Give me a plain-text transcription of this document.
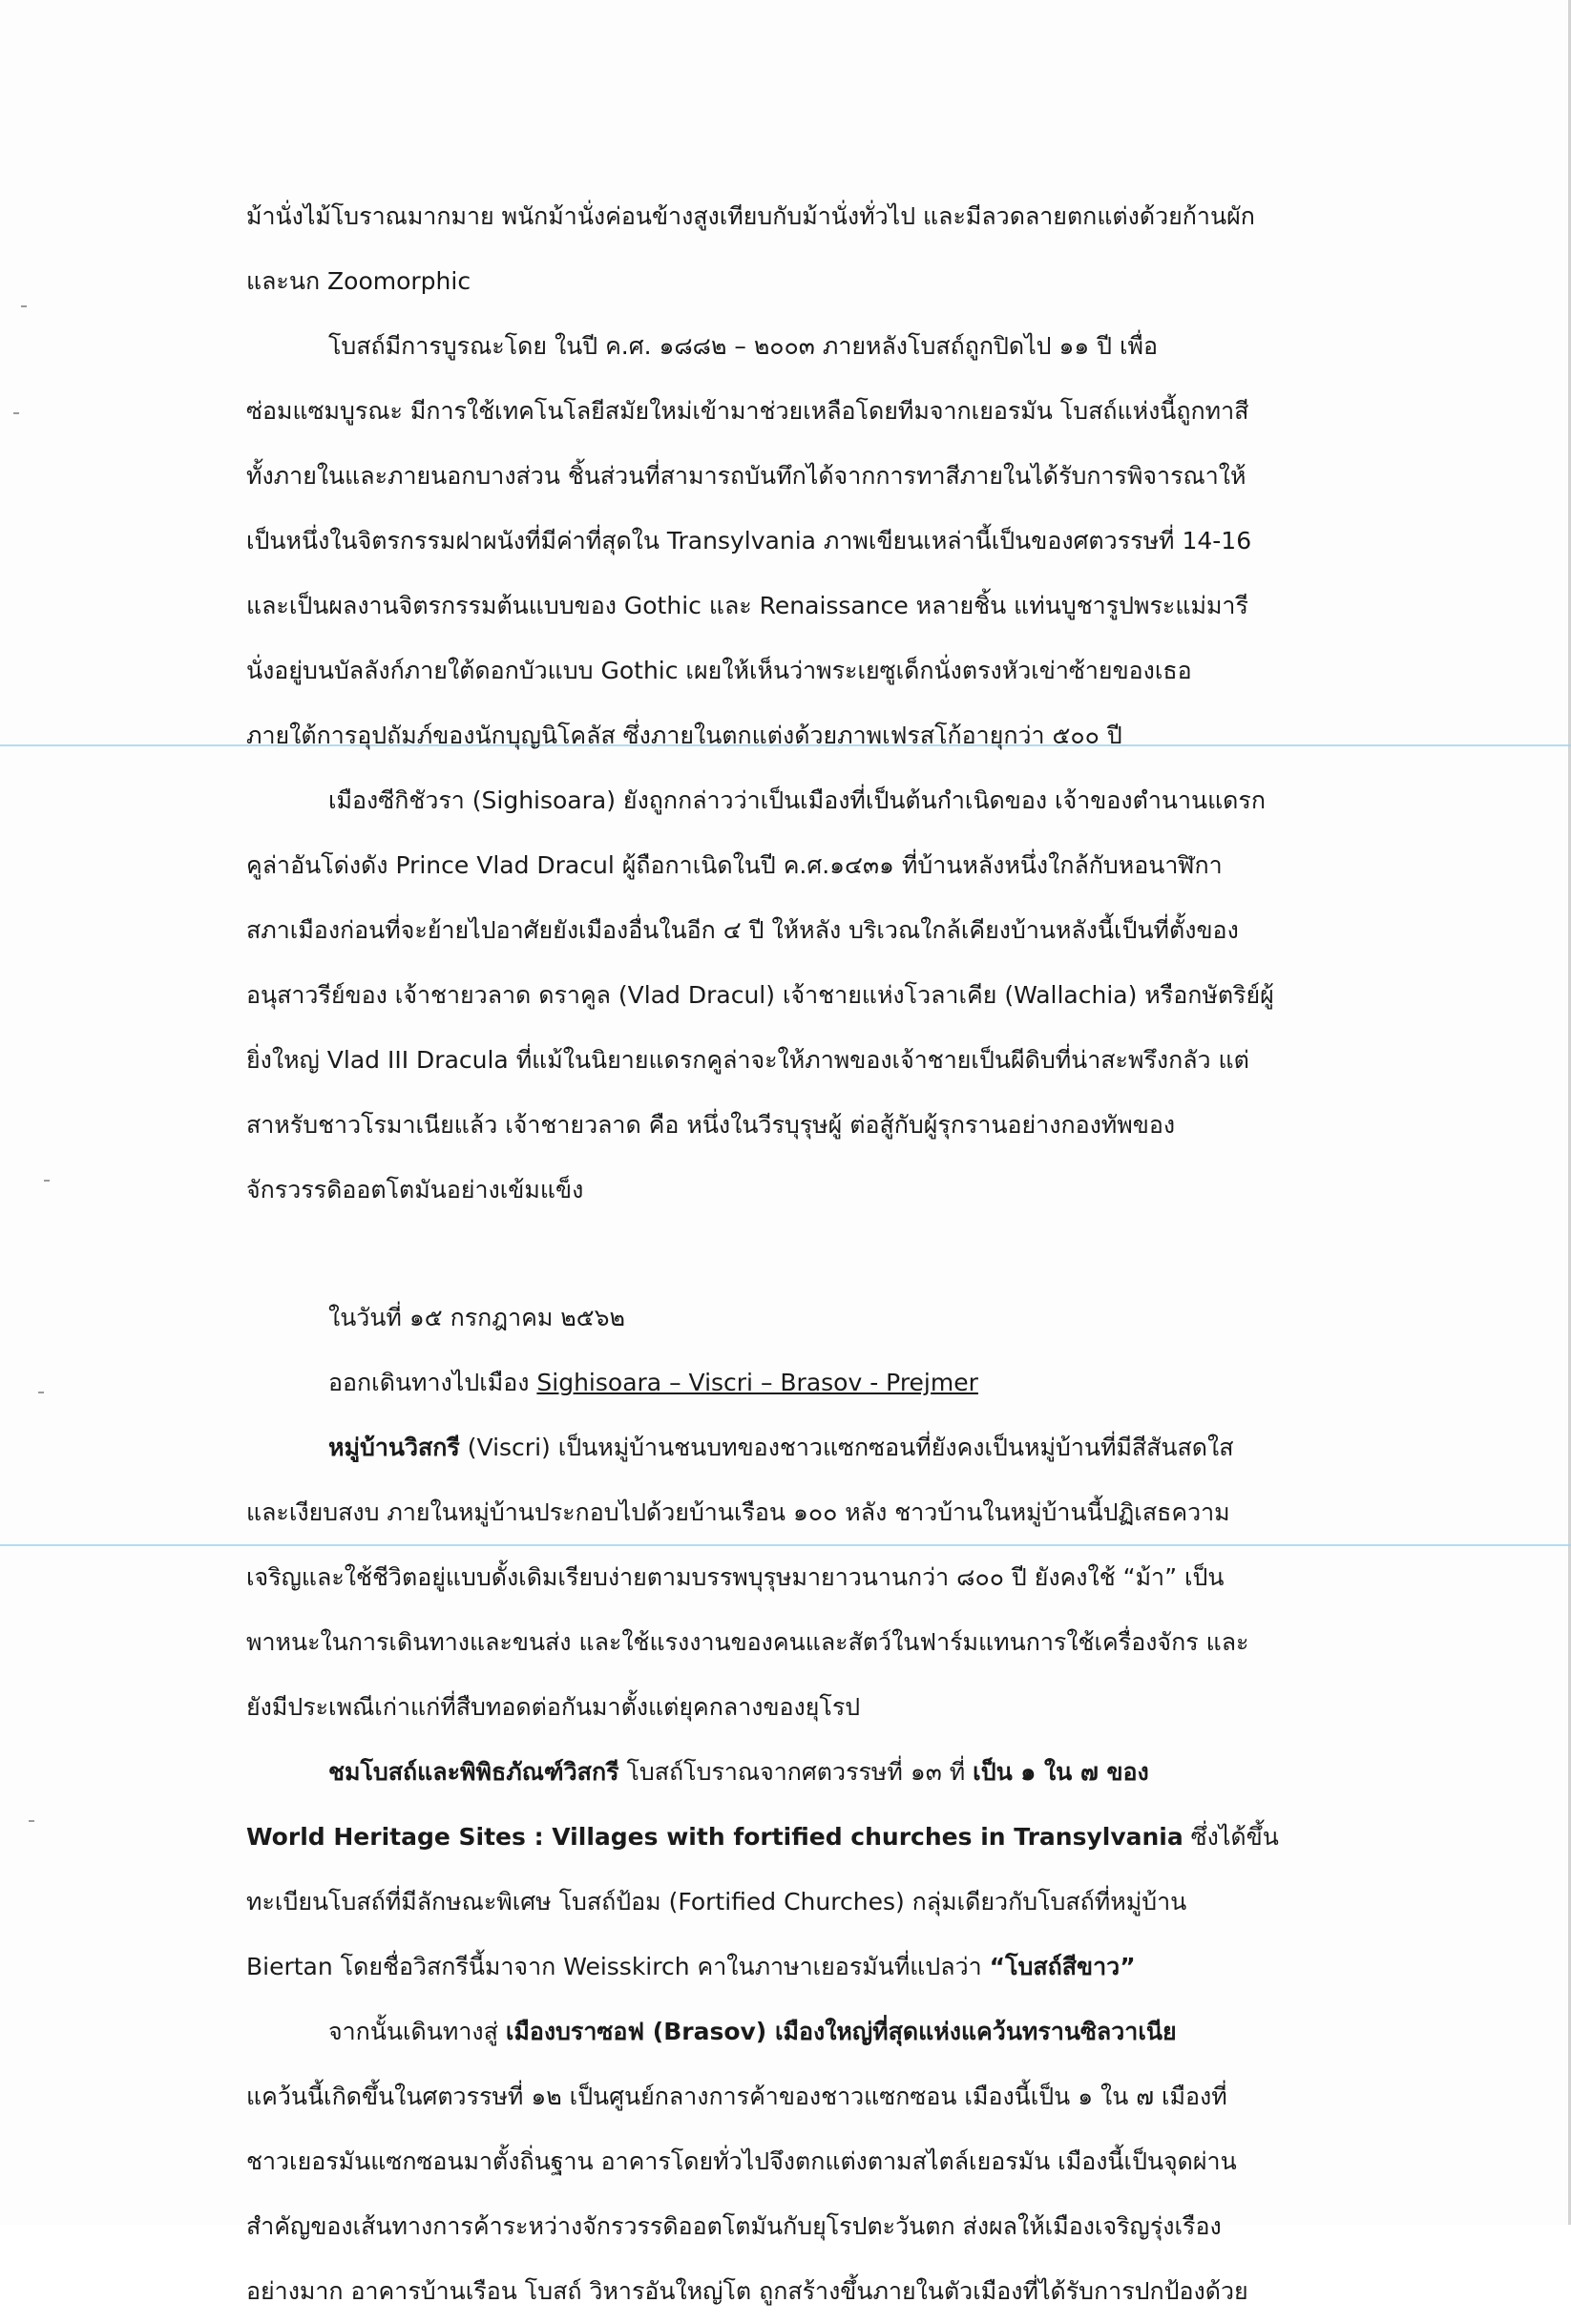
ม้านั่งไม้โบราณมากมาย พนักม้านั่งค่อนข้างสูงเทียบกับม้านั่งทั่วไป และมีลวดลายตกแต่งด้วยก้านผัก
และนก Zoomorphic
โบสถ์มีการบูรณะโดย ในปี ค.ศ. ๑๘๘๒ – ๒๐๐๓ ภายหลังโบสถ์ถูกปิดไป ๑๑ ปี เพื่อ
ซ่อมแซมบูรณะ มีการใช้เทคโนโลยีสมัยใหม่เข้ามาช่วยเหลือโดยทีมจากเยอรมัน โบสถ์แห่งนี้ถูกทาสี
ทั้งภายในและภายนอกบางส่วน ชิ้นส่วนที่สามารถบันทึกได้จากการทาสีภายในได้รับการพิจารณาให้
เป็นหนึ่งในจิตรกรรมฝาผนังที่มีค่าที่สุดใน Transylvania ภาพเขียนเหล่านี้เป็นของศตวรรษที่ 14-16
และเป็นผลงานจิตรกรรมต้นแบบของ Gothic และ Renaissance หลายชิ้น แท่นบูชารูปพระแม่มารี
นั่งอยู่บนบัลลังก์ภายใต้ดอกบัวแบบ Gothic เผยให้เห็นว่าพระเยซูเด็กนั่งตรงหัวเข่าซ้ายของเธอ
ภายใต้การอุปถัมภ์ของนักบุญนิโคลัส ซึ่งภายในตกแต่งด้วยภาพเฟรสโก้อายุกว่า ๕๐๐ ปี
เมืองซีกิชัวรา (Sighisoara) ยังถูกกล่าวว่าเป็นเมืองที่เป็นต้นกำเนิดของ เจ้าของตำนานแดรก
คูล่าอันโด่งดัง Prince Vlad Dracul ผู้ถือกาเนิดในปี ค.ศ.๑๔๓๑ ที่บ้านหลังหนึ่งใกล้กับหอนาฬิกา
สภาเมืองก่อนที่จะย้ายไปอาศัยยังเมืองอื่นในอีก ๔ ปี ให้หลัง บริเวณใกล้เคียงบ้านหลังนี้เป็นที่ตั้งของ
อนุสาวรีย์ของ เจ้าชายวลาด ดราคูล (Vlad Dracul) เจ้าชายแห่งโวลาเคีย (Wallachia) หรือกษัตริย์ผู้
ยิ่งใหญ่ Vlad III Dracula ที่แม้ในนิยายแดรกคูล่าจะให้ภาพของเจ้าชายเป็นผีดิบที่น่าสะพรึงกลัว แต่
สาหรับชาวโรมาเนียแล้ว เจ้าชายวลาด คือ หนึ่งในวีรบุรุษผู้ ต่อสู้กับผู้รุกรานอย่างกองทัพของ
จักรวรรดิออตโตมันอย่างเข้มแข็ง
ในวันที่ ๑๕ กรกฎาคม ๒๕๖๒
ออกเดินทางไปเมือง Sighisoara – Viscri – Brasov - Prejmer
หมู่บ้านวิสกรี (Viscri) เป็นหมู่บ้านชนบทของชาวแซกซอนที่ยังคงเป็นหมู่บ้านที่มีสีสันสดใส
และเงียบสงบ ภายในหมู่บ้านประกอบไปด้วยบ้านเรือน ๑๐๐ หลัง ชาวบ้านในหมู่บ้านนี้ปฏิเสธความ
เจริญและใช้ชีวิตอยู่แบบดั้งเดิมเรียบง่ายตามบรรพบุรุษมายาวนานกว่า ๘๐๐ ปี ยังคงใช้ “ม้า” เป็น
พาหนะในการเดินทางและขนส่ง และใช้แรงงานของคนและสัตว์ในฟาร์มแทนการใช้เครื่องจักร และ
ยังมีประเพณีเก่าแก่ที่สืบทอดต่อกันมาตั้งแต่ยุคกลางของยุโรป
ชมโบสถ์และพิพิธภัณฑ์วิสกรี โบสถ์โบราณจากศตวรรษที่ ๑๓ ที่ เป็น ๑ ใน ๗ ของ
World Heritage Sites : Villages with fortified churches in Transylvania ซึ่งได้ขึ้น
ทะเบียนโบสถ์ที่มีลักษณะพิเศษ โบสถ์ป้อม (Fortified Churches) กลุ่มเดียวกับโบสถ์ที่หมู่บ้าน
Biertan โดยชื่อวิสกรีนี้มาจาก Weisskirch คาในภาษาเยอรมันที่แปลว่า “โบสถ์สีขาว”
จากนั้นเดินทางสู่ เมืองบราซอฟ (Brasov) เมืองใหญ่ที่สุดแห่งแคว้นทรานซิลวาเนีย
แคว้นนี้เกิดขึ้นในศตวรรษที่ ๑๒ เป็นศูนย์กลางการค้าของชาวแซกซอน เมืองนี้เป็น ๑ ใน ๗ เมืองที่
ชาวเยอรมันแซกซอนมาตั้งถิ่นฐาน อาคารโดยทั่วไปจึงตกแต่งตามสไตล์เยอรมัน เมืองนี้เป็นจุดผ่าน
สำคัญของเส้นทางการค้าระหว่างจักรวรรดิออตโตมันกับยุโรปตะวันตก ส่งผลให้เมืองเจริญรุ่งเรือง
อย่างมาก อาคารบ้านเรือน โบสถ์ วิหารอันใหญ่โต ถูกสร้างขึ้นภายในตัวเมืองที่ได้รับการปกป้องด้วย
